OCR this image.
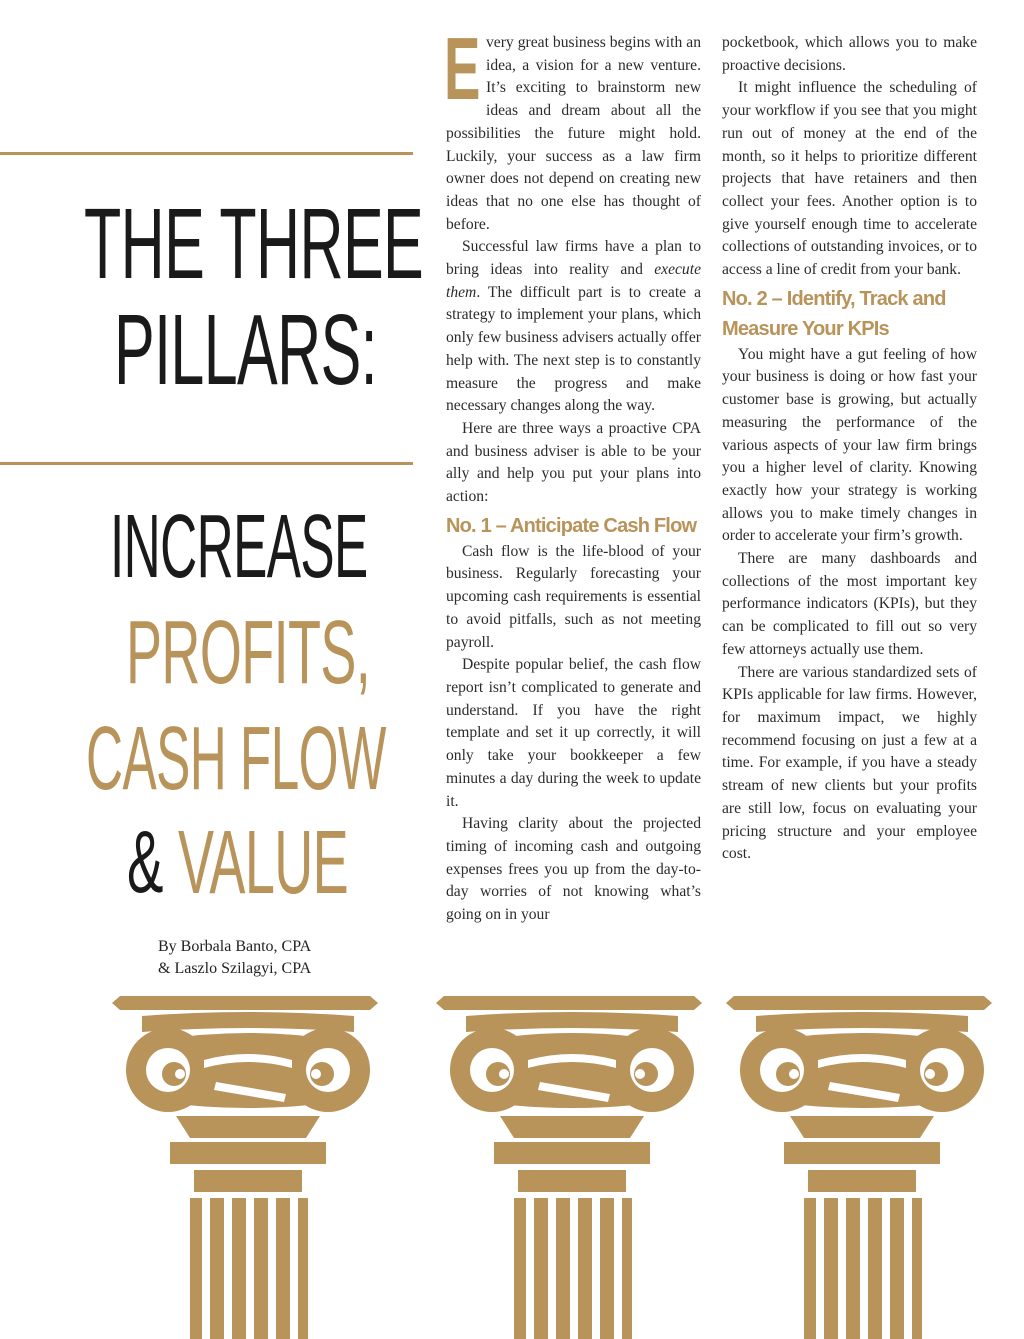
THE THREE
PILLARS:
INCREASE
PROFITS,
CASH FLOW
& VALUE
By Borbala Banto, CPA
& Laszlo Szilagyi, CPA

Every great business begins with an idea, a vision for a new venture. It’s exciting to brainstorm new ideas and dream about all the possibilities the future might hold. Luckily, your success as a law firm owner does not depend on creating new ideas that no one else has thought of before.

Successful law firms have a plan to bring ideas into reality and execute them. The difficult part is to create a strategy to implement your plans, which only few business advisers actually offer help with. The next step is to constantly measure the progress and make necessary changes along the way.

Here are three ways a proactive CPA and business adviser is able to be your ally and help you put your plans into action:

No. 1 – Anticipate Cash Flow

Cash flow is the life-blood of your business. Regularly forecasting your upcoming cash requirements is essential to avoid pitfalls, such as not meeting payroll.

Despite popular belief, the cash flow report isn’t complicated to generate and understand. If you have the right template and set it up correctly, it will only take your bookkeeper a few minutes a day during the week to update it.

Having clarity about the projected timing of incoming cash and outgoing expenses frees you up from the day-to-day worries of not knowing what’s going on in your

pocketbook, which allows you to make proactive decisions.

It might influence the scheduling of your workflow if you see that you might run out of money at the end of the month, so it helps to prioritize different projects that have retainers and then collect your fees. Another option is to give yourself enough time to accelerate collections of outstanding invoices, or to access a line of credit from your bank.

No. 2 – Identify, Track and Measure Your KPIs

You might have a gut feeling of how your business is doing or how fast your customer base is growing, but actually measuring the performance of the various aspects of your law firm brings you a higher level of clarity. Knowing exactly how your strategy is working allows you to make timely changes in order to accelerate your firm’s growth.

There are many dashboards and collections of the most important key performance indicators (KPIs), but they can be complicated to fill out so very few attorneys actually use them.

There are various standardized sets of KPIs applicable for law firms. However, for maximum impact, we highly recommend focusing on just a few at a time. For example, if you have a steady stream of new clients but your profits are still low, focus on evaluating your pricing structure and your employee cost.
